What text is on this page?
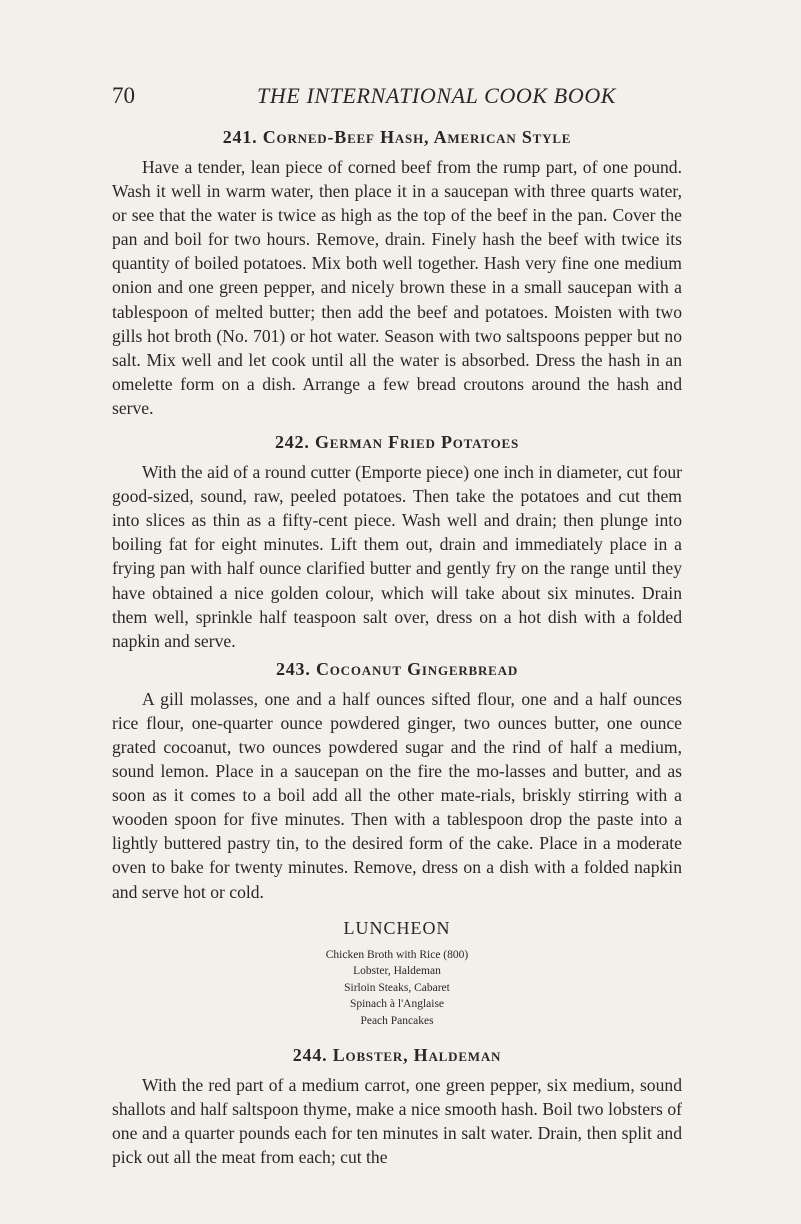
70	THE INTERNATIONAL COOK BOOK
241. Corned-Beef Hash, American Style

Have a tender, lean piece of corned beef from the rump part, of one pound. Wash it well in warm water, then place it in a saucepan with three quarts water, or see that the water is twice as high as the top of the beef in the pan. Cover the pan and boil for two hours. Remove, drain. Finely hash the beef with twice its quantity of boiled potatoes. Mix both well together. Hash very fine one medium onion and one green pepper, and nicely brown these in a small saucepan with a tablespoon of melted butter; then add the beef and potatoes. Moisten with two gills hot broth (No. 701) or hot water. Season with two saltspoons pepper but no salt. Mix well and let cook until all the water is absorbed. Dress the hash in an omelette form on a dish. Arrange a few bread croutons around the hash and serve.

242. German Fried Potatoes

With the aid of a round cutter (Emporte piece) one inch in diameter, cut four good-sized, sound, raw, peeled potatoes. Then take the potatoes and cut them into slices as thin as a fifty-cent piece. Wash well and drain; then plunge into boiling fat for eight minutes. Lift them out, drain and immediately place in a frying pan with half ounce clarified butter and gently fry on the range until they have obtained a nice golden colour, which will take about six minutes. Drain them well, sprinkle half teaspoon salt over, dress on a hot dish with a folded napkin and serve.

243. Cocoanut Gingerbread

A gill molasses, one and a half ounces sifted flour, one and a half ounces rice flour, one-quarter ounce powdered ginger, two ounces butter, one ounce grated cocoanut, two ounces powdered sugar and the rind of half a medium, sound lemon. Place in a saucepan on the fire the mo-lasses and butter, and as soon as it comes to a boil add all the other mate-rials, briskly stirring with a wooden spoon for five minutes. Then with a tablespoon drop the paste into a lightly buttered pastry tin, to the desired form of the cake. Place in a moderate oven to bake for twenty minutes. Remove, dress on a dish with a folded napkin and serve hot or cold.

LUNCHEON
Chicken Broth with Rice (800)
Lobster, Haldeman
Sirloin Steaks, Cabaret
Spinach à l'Anglaise
Peach Pancakes
244. Lobster, Haldeman

With the red part of a medium carrot, one green pepper, six medium, sound shallots and half saltspoon thyme, make a nice smooth hash. Boil two lobsters of one and a quarter pounds each for ten minutes in salt water. Drain, then split and pick out all the meat from each; cut the
